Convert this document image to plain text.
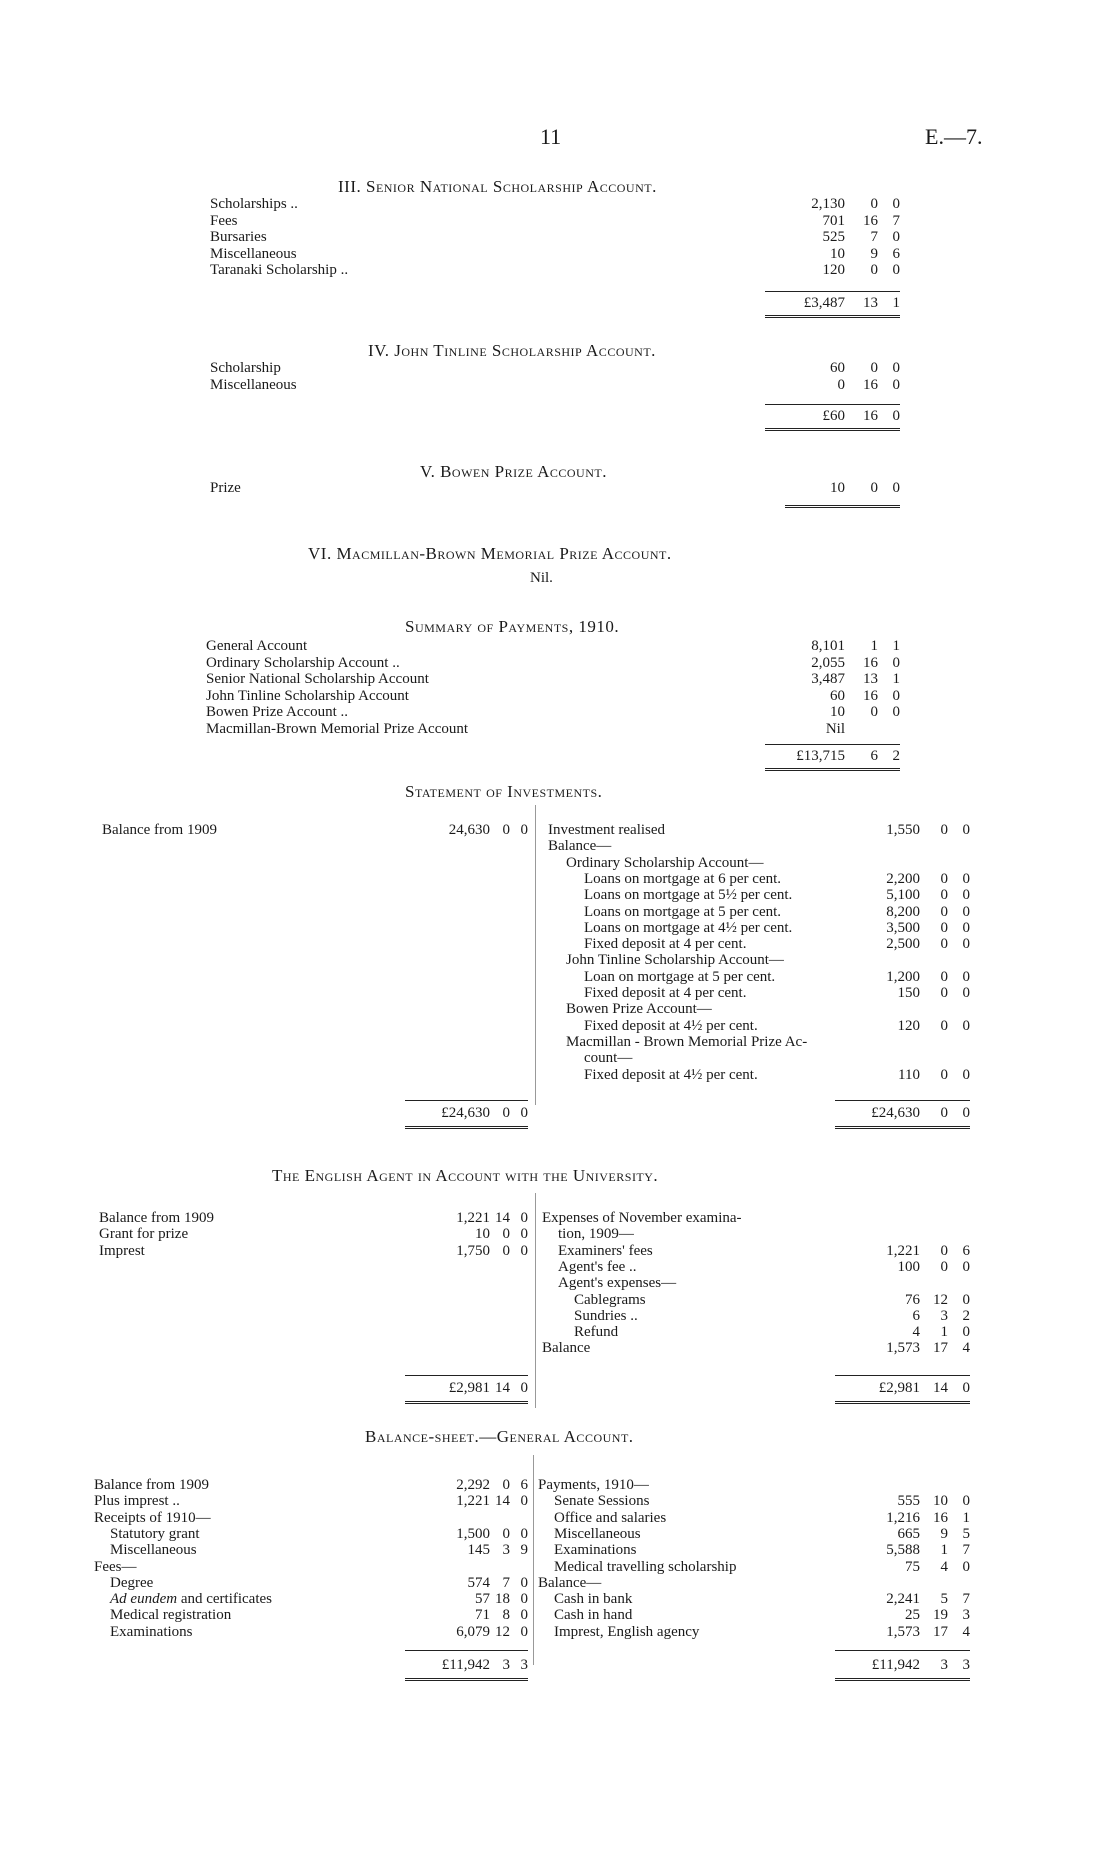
11	E.—7.
III. Senior National Scholarship Account.
Scholarships ..	2,130	0 0
Fees	701	16 7
Bursaries	525	7 0
Miscellaneous	10	9 6
Taranaki Scholarship ..	120	0 0
£3,487	13 1
IV. John Tinline Scholarship Account.
Scholarship	60	0 0
Miscellaneous	0	16 0
£60	16 0
V. Bowen Prize Account.
Prize	10	0 0
VI. Macmillan-Brown Memorial Prize Account.
Nil.
Summary of Payments, 1910.
General Account	8,101	1 1
Ordinary Scholarship Account ..	2,055	16 0
Senior National Scholarship Account	3,487	13 1
John Tinline Scholarship Account	60	16 0
Bowen Prize Account ..	10	0 0
Macmillan-Brown Memorial Prize Account	Nil
£13,715	6 2
Statement of Investments.
Balance from 1909	24,630 0 0 Investment realised	1,550	0 0
Balance—
Ordinary Scholarship Account—
Loans on mortgage at 6 per cent.	2,200	0 0
Loans on mortgage at 5½ per cent.	5,100	0 0
Loans on mortgage at 5 per cent.	8,200	0 0
Loans on mortgage at 4½ per cent.	3,500	0 0
Fixed deposit at 4 per cent.	2,500	0 0
John Tinline Scholarship Account—
Loan on mortgage at 5 per cent.	1,200	0 0
Fixed deposit at 4 per cent.	150	0 0
Bowen Prize Account—
Fixed deposit at 4½ per cent.	120	0 0
Macmillan - Brown Memorial Prize Ac-
count—
Fixed deposit at 4½ per cent.	110	0 0
£24,630 0 0	£24,630	0 0
The English Agent in Account with the University.
Balance from 1909	1,221 14 0
Grant for prize	10 0 0
Imprest	1,750 0 0
Expenses of November examina-
tion, 1909—
Examiners' fees	1,221	0 6
Agent's fee ..	100	0 0
Agent's expenses—
Cablegrams	76 12 0
Sundries ..	6	3 2
Refund	4	1 0
Balance	1,573 17 4
£2,981 14 0	£2,981 14 0
Balance-sheet.—General Account.
Balance from 1909	2,292 0 6
Plus imprest ..	1,221 14 0
Receipts of 1910—
Statutory grant	1,500 0 0
Miscellaneous	145 3 9
Fees—
Degree	574 7 0
Ad eundem and certificates	57 18 0
Medical registration	71 8 0
Examinations	6,079 12 0
Payments, 1910—
Senate Sessions	555 10 0
Office and salaries	1,216 16 1
Miscellaneous	665	9 5
Examinations	5,588	1 7
Medical travelling scholarship	75	4 0
Balance—
Cash in bank	2,241	5 7
Cash in hand	25 19 3
Imprest, English agency	1,573 17 4
£11,942 3 3	£11,942	3 3
